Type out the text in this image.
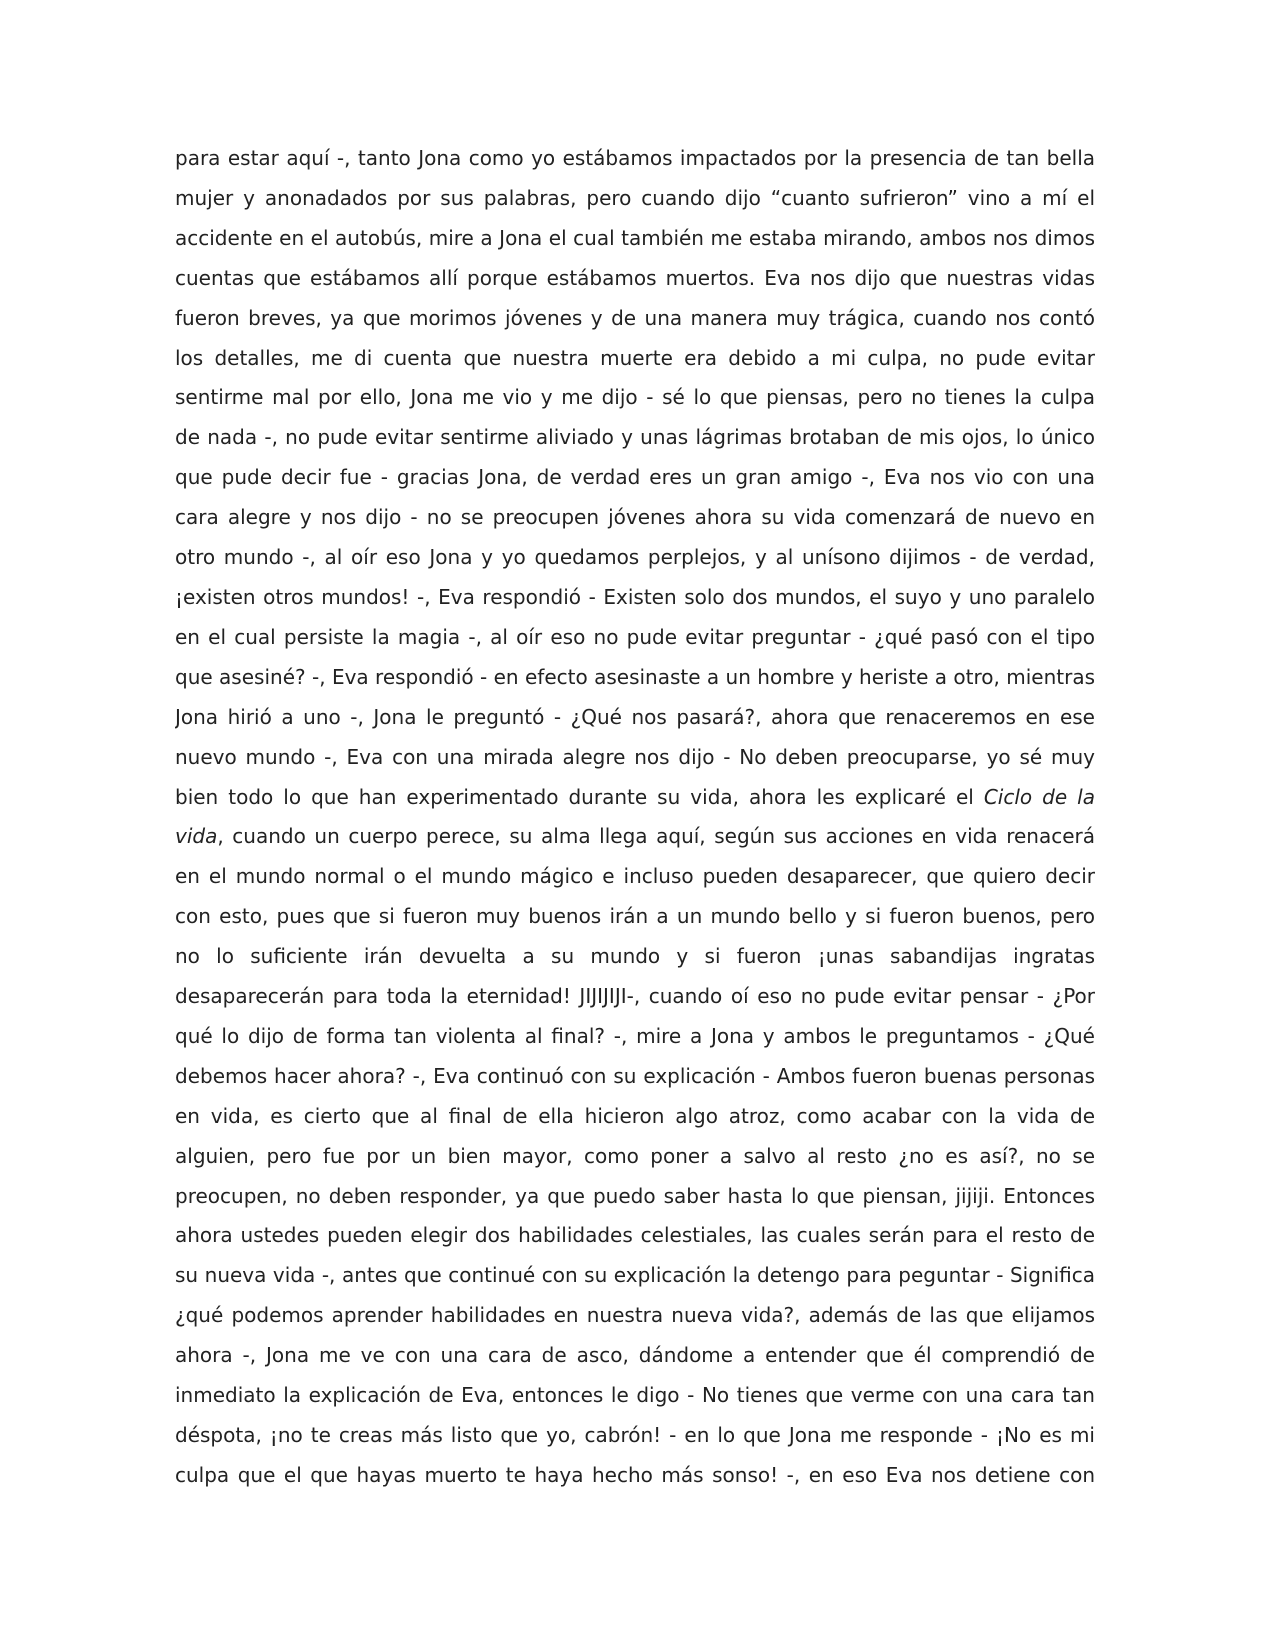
para estar aquí -, tanto Jona como yo estábamos impactados por la presencia de tan bella
mujer y anonadados por sus palabras, pero cuando dijo “cuanto sufrieron” vino a mí el
accidente en el autobús, mire a Jona el cual también me estaba mirando, ambos nos dimos
cuentas que estábamos allí porque estábamos muertos. Eva nos dijo que nuestras vidas
fueron breves, ya que morimos jóvenes y de una manera muy trágica, cuando nos contó
los detalles, me di cuenta que nuestra muerte era debido a mi culpa, no pude evitar
sentirme mal por ello, Jona me vio y me dijo - sé lo que piensas, pero no tienes la culpa
de nada -, no pude evitar sentirme aliviado y unas lágrimas brotaban de mis ojos, lo único
que pude decir fue - gracias Jona, de verdad eres un gran amigo -, Eva nos vio con una
cara alegre y nos dijo - no se preocupen jóvenes ahora su vida comenzará de nuevo en
otro mundo -, al oír eso Jona y yo quedamos perplejos, y al unísono dijimos - de verdad,
¡existen otros mundos! -, Eva respondió - Existen solo dos mundos, el suyo y uno paralelo
en el cual persiste la magia -, al oír eso no pude evitar preguntar - ¿qué pasó con el tipo
que asesiné? -, Eva respondió - en efecto asesinaste a un hombre y heriste a otro, mientras
Jona hirió a uno -, Jona le preguntó - ¿Qué nos pasará?, ahora que renaceremos en ese
nuevo mundo -, Eva con una mirada alegre nos dijo - No deben preocuparse, yo sé muy
bien todo lo que han experimentado durante su vida, ahora les explicaré el Ciclo de la
vida, cuando un cuerpo perece, su alma llega aquí, según sus acciones en vida renacerá
en el mundo normal o el mundo mágico e incluso pueden desaparecer, que quiero decir
con esto, pues que si fueron muy buenos irán a un mundo bello y si fueron buenos, pero
no lo suficiente irán devuelta a su mundo y si fueron ¡unas sabandijas ingratas
desaparecerán para toda la eternidad! JIJIJIJI-, cuando oí eso no pude evitar pensar - ¿Por
qué lo dijo de forma tan violenta al final? -, mire a Jona y ambos le preguntamos - ¿Qué
debemos hacer ahora? -, Eva continuó con su explicación - Ambos fueron buenas personas
en vida, es cierto que al final de ella hicieron algo atroz, como acabar con la vida de
alguien, pero fue por un bien mayor, como poner a salvo al resto ¿no es así?, no se
preocupen, no deben responder, ya que puedo saber hasta lo que piensan, jijiji. Entonces
ahora ustedes pueden elegir dos habilidades celestiales, las cuales serán para el resto de
su nueva vida -, antes que continué con su explicación la detengo para peguntar - Significa
¿qué podemos aprender habilidades en nuestra nueva vida?, además de las que elijamos
ahora -, Jona me ve con una cara de asco, dándome a entender que él comprendió de
inmediato la explicación de Eva, entonces le digo - No tienes que verme con una cara tan
déspota, ¡no te creas más listo que yo, cabrón! - en lo que Jona me responde - ¡No es mi
culpa que el que hayas muerto te haya hecho más sonso! -, en eso Eva nos detiene con
